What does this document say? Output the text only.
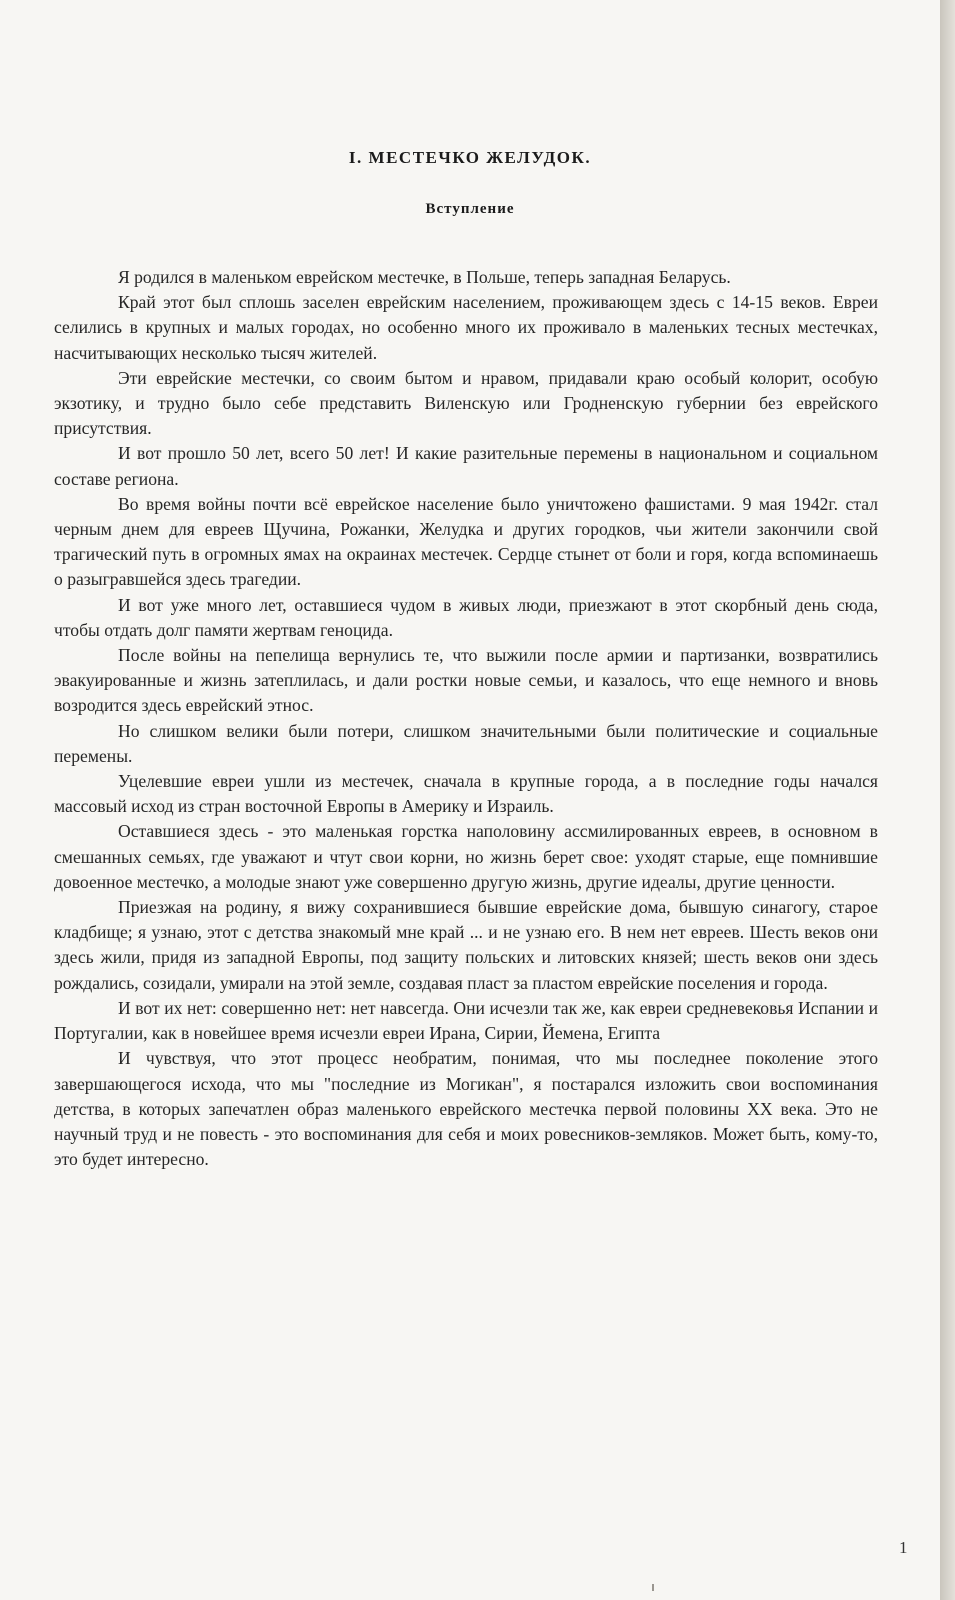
I. МЕСТЕЧКО ЖЕЛУДОК.
Вступление

Я родился в маленьком еврейском местечке, в Польше, теперь западная Беларусь.

Край этот был сплошь заселен еврейским населением, проживающем здесь с 14-15 веков. Евреи селились в крупных и малых городах, но особенно много их проживало в маленьких тесных местечках, насчитывающих несколько тысяч жителей.

Эти еврейские местечки, со своим бытом и нравом, придавали краю особый колорит, особую экзотику, и трудно было себе представить Виленскую или Гродненскую губернии без еврейского присутствия.

И вот прошло 50 лет, всего 50 лет! И какие разительные перемены в национальном и социальном составе региона.

Во время войны почти всё еврейское население было уничтожено фашистами. 9 мая 1942г. стал черным днем для евреев Щучина, Рожанки, Желудка и других городков, чьи жители закончили свой трагический путь в огромных ямах на окраинах местечек. Сердце стынет от боли и горя, когда вспоминаешь о разыгравшейся здесь трагедии.

И вот уже много лет, оставшиеся чудом в живых люди, приезжают в этот скорбный день сюда, чтобы отдать долг памяти жертвам геноцида.

После войны на пепелища вернулись те, что выжили после армии и партизанки, возвратились эвакуированные и жизнь затеплилась, и дали ростки новые семьи, и казалось, что еще немного и вновь возродится здесь еврейский этнос.

Но слишком велики были потери, слишком значительными были политические и социальные перемены.

Уцелевшие евреи ушли из местечек, сначала в крупные города, а в последние годы начался массовый исход из стран восточной Европы в Америку и Израиль.

Оставшиеся здесь - это маленькая горстка наполовину ассмилированных евреев, в основном в смешанных семьях, где уважают и чтут свои корни, но жизнь берет свое: уходят старые, еще помнившие довоенное местечко, а молодые знают уже совершенно другую жизнь, другие идеалы, другие ценности.

Приезжая на родину, я вижу сохранившиеся бывшие еврейские дома, бывшую синагогу, старое кладбище; я узнаю, этот с детства знакомый мне край ... и не узнаю его. В нем нет евреев. Шесть веков они здесь жили, придя из западной Европы, под защиту польских и литовских князей; шесть веков они здесь рождались, созидали, умирали на этой земле, создавая пласт за пластом еврейские поселения и города.

И вот их нет: совершенно нет: нет навсегда. Они исчезли так же, как евреи средневековья Испании и Португалии, как в новейшее время исчезли евреи Ирана, Сирии, Йемена, Египта

И чувствуя, что этот процесс необратим, понимая, что мы последнее поколение этого завершающегося исхода, что мы "последние из Могикан", я постарался изложить свои воспоминания детства, в которых запечатлен образ маленького еврейского местечка первой половины XX века. Это не научный труд и не повесть - это воспоминания для себя и моих ровесников-земляков. Может быть, кому-то, это будет интересно.

1
